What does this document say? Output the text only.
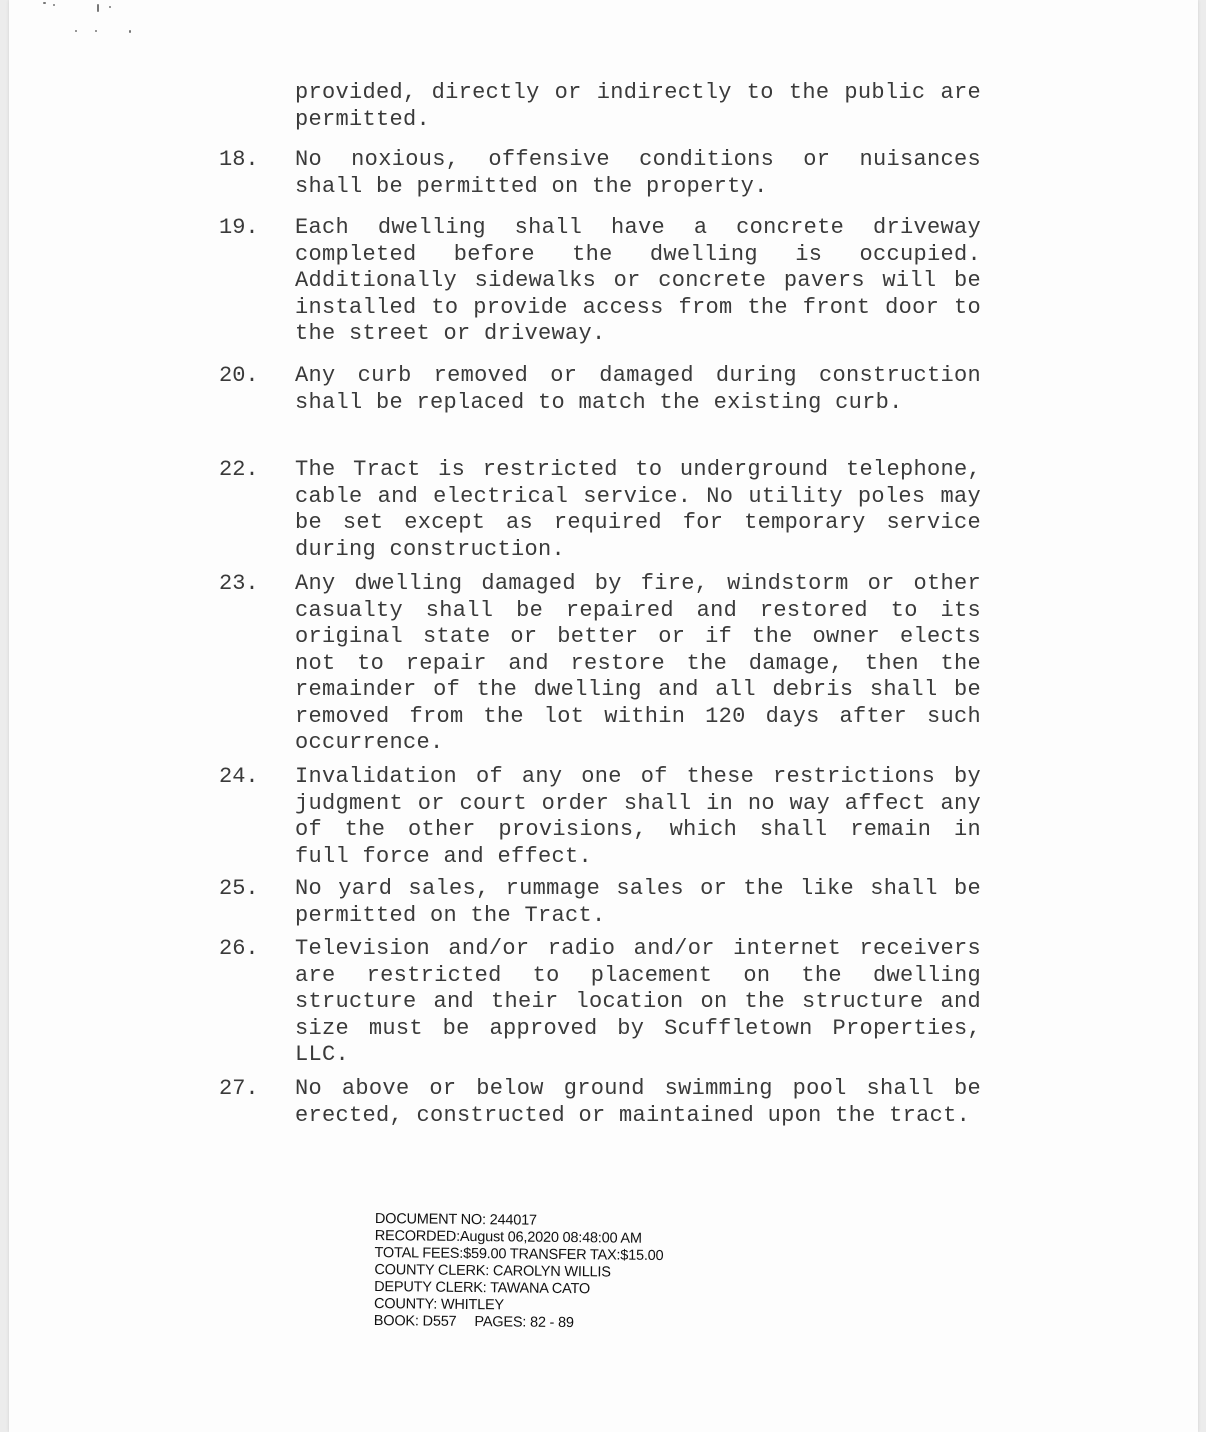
provided, directly or indirectly to the public are permitted.
18. No noxious, offensive conditions or nuisances shall be permitted on the property.
19. Each dwelling shall have a concrete driveway completed before the dwelling is occupied. Additionally sidewalks or concrete pavers will be installed to provide access from the front door to the street or driveway.
20. Any curb removed or damaged during construction shall be replaced to match the existing curb.
22. The Tract is restricted to underground telephone, cable and electrical service. No utility poles may be set except as required for temporary service during construction.
23. Any dwelling damaged by fire, windstorm or other casualty shall be repaired and restored to its original state or better or if the owner elects not to repair and restore the damage, then the remainder of the dwelling and all debris shall be removed from the lot within 120 days after such occurrence.
24. Invalidation of any one of these restrictions by judgment or court order shall in no way affect any of the other provisions, which shall remain in full force and effect.
25. No yard sales, rummage sales or the like shall be permitted on the Tract.
26. Television and/or radio and/or internet receivers are restricted to placement on the dwelling structure and their location on the structure and size must be approved by Scuffletown Properties, LLC.
27. No above or below ground swimming pool shall be erected, constructed or maintained upon the tract.
DOCUMENT NO: 244017
RECORDED:August 06,2020 08:48:00 AM
TOTAL FEES:$59.00 TRANSFER TAX:$15.00
COUNTY CLERK: CAROLYN WILLIS
DEPUTY CLERK: TAWANA CATO
COUNTY: WHITLEY
BOOK: D557 PAGES: 82 - 89
